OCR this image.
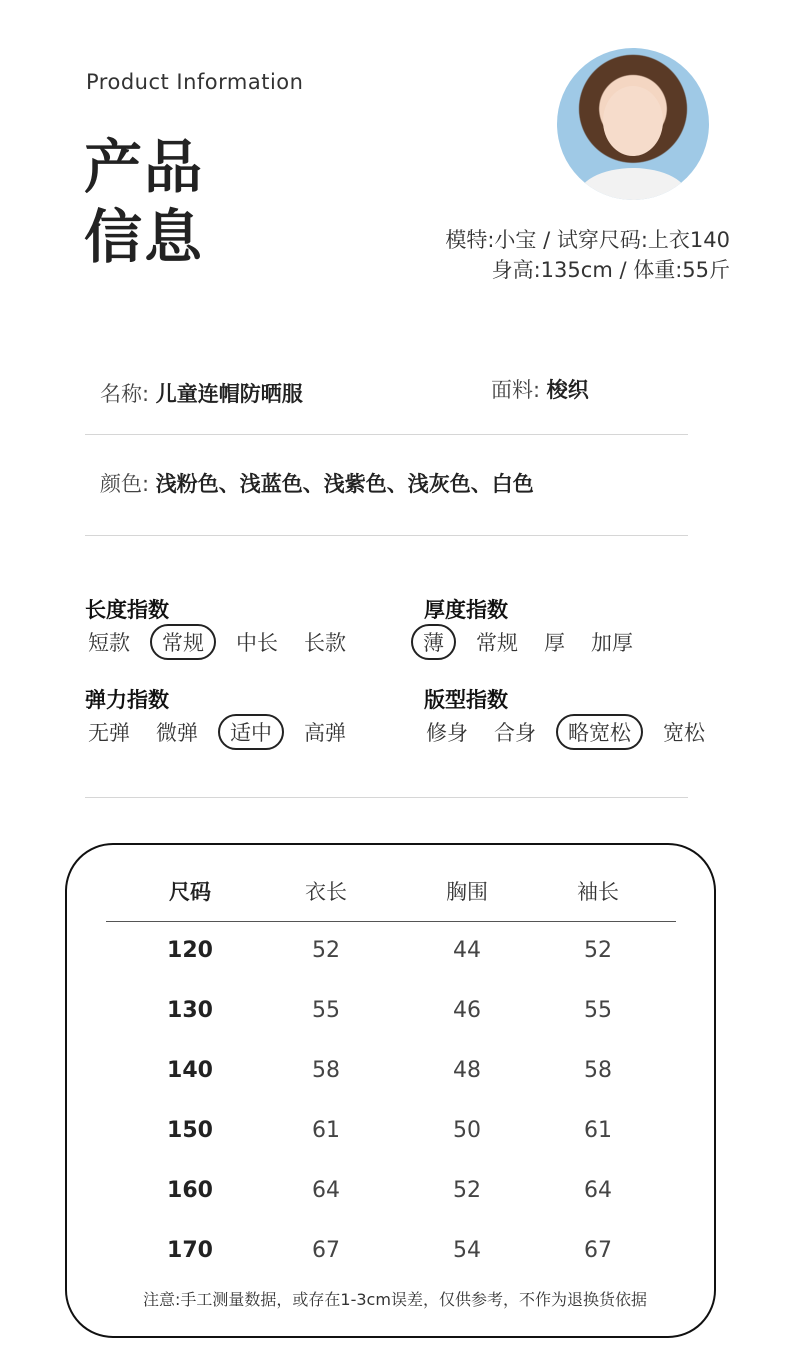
Product Information
产品
信息	模特:小宝 / 试穿尺码:上衣140
身高:135cm / 体重:55斤
名称: 儿童连帽防晒服	面料: 梭织
颜色: 浅粉色、浅蓝色、浅紫色、浅灰色、白色
长度指数
短款	常规	中长 长款
厚度指数
薄	常规 厚 加厚
弹力指数
无弹 微弹	适中	高弹
版型指数
修身 合身	略宽松	宽松
尺码	衣长	胸围	袖长
120	52	44	52
130	55	46	55
140	58	48	58
150	61	50	61
160	64	52	64
170	67	54	67
注意:手工测量数据，或存在1-3cm误差，仅供参考，不作为退换货依据
